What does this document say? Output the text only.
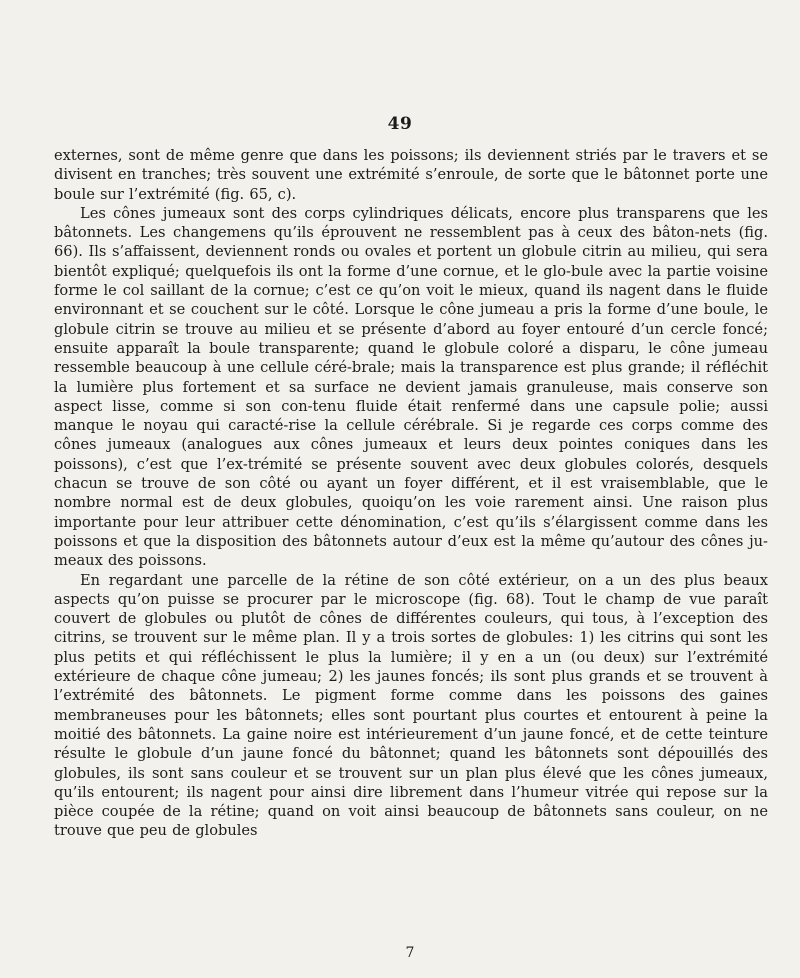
49

externes, sont de même genre que dans les poissons; ils deviennent striés par le travers et se divisent en tranches; très souvent une extrémité s’enroule, de sorte que le bâtonnet porte une boule sur l’extrémité (fig. 65, c).

Les cônes jumeaux sont des corps cylindriques délicats, encore plus transparens que les bâtonnets. Les changemens qu’ils éprouvent ne ressemblent pas à ceux des bâton-nets (fig. 66). Ils s’affaissent, deviennent ronds ou ovales et portent un globule citrin au milieu, qui sera bientôt expliqué; quelquefois ils ont la forme d’une cornue, et le glo-bule avec la partie voisine forme le col saillant de la cornue; c’est ce qu’on voit le mieux, quand ils nagent dans le fluide environnant et se couchent sur le côté. Lorsque le cône jumeau a pris la forme d’une boule, le globule citrin se trouve au milieu et se présente d’abord au foyer entouré d’un cercle foncé; ensuite apparaît la boule transparente; quand le globule coloré a disparu, le cône jumeau ressemble beaucoup à une cellule céré-brale; mais la transparence est plus grande; il réfléchit la lumière plus fortement et sa surface ne devient jamais granuleuse, mais conserve son aspect lisse, comme si son con-tenu fluide était renfermé dans une capsule polie; aussi manque le noyau qui caracté-rise la cellule cérébrale. Si je regarde ces corps comme des cônes jumeaux (analogues aux cônes jumeaux et leurs deux pointes coniques dans les poissons), c’est que l’ex-trémité se présente souvent avec deux globules colorés, desquels chacun se trouve de son côté ou ayant un foyer différent, et il est vraisemblable, que le nombre normal est de deux globules, quoiqu’on les voie rarement ainsi. Une raison plus importante pour leur attribuer cette dénomination, c’est qu’ils s’élargissent comme dans les poissons et que la disposition des bâtonnets autour d’eux est la même qu’autour des cônes ju-meaux des poissons.

En regardant une parcelle de la rétine de son côté extérieur, on a un des plus beaux aspects qu’on puisse se procurer par le microscope (fig. 68). Tout le champ de vue paraît couvert de globules ou plutôt de cônes de différentes couleurs, qui tous, à l’exception des citrins, se trouvent sur le même plan. Il y a trois sortes de globules: 1) les citrins qui sont les plus petits et qui réfléchissent le plus la lumière; il y en a un (ou deux) sur l’extrémité extérieure de chaque cône jumeau; 2) les jaunes foncés; ils sont plus grands et se trouvent à l’extrémité des bâtonnets. Le pigment forme comme dans les poissons des gaines membraneuses pour les bâtonnets; elles sont pourtant plus courtes et entourent à peine la moitié des bâtonnets. La gaine noire est intérieurement d’un jaune foncé, et de cette teinture résulte le globule d’un jaune foncé du bâtonnet; quand les bâtonnets sont dépouillés des globules, ils sont sans couleur et se trouvent sur un plan plus élevé que les cônes jumeaux, qu’ils entourent; ils nagent pour ainsi dire librement dans l’humeur vitrée qui repose sur la pièce coupée de la rétine; quand on voit ainsi beaucoup de bâtonnets sans couleur, on ne trouve que peu de globules

7
